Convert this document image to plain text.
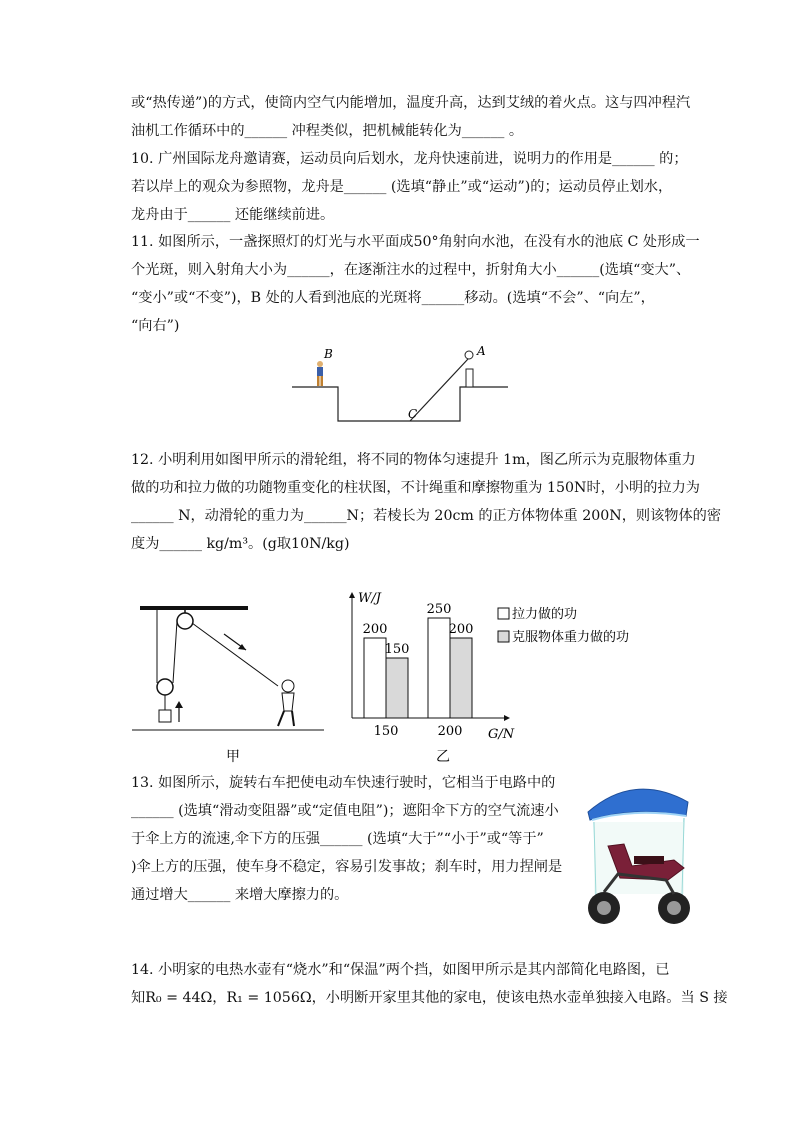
或“热传递”)的方式，使筒内空气内能增加，温度升高，达到艾绒的着火点。这与四冲程汽
油机工作循环中的______ 冲程类似，把机械能转化为______ 。
10. 广州国际龙舟邀请赛，运动员向后划水，龙舟快速前进，说明力的作用是______ 的；
若以岸上的观众为参照物，龙舟是______ (选填“静止”或“运动”)的；运动员停止划水，
龙舟由于______ 还能继续前进。
11. 如图所示，一盏探照灯的灯光与水平面成50°角射向水池，在没有水的池底 C 处形成一
个光斑，则入射角大小为______，在逐渐注水的过程中，折射角大小______(选填“变大”、
“变小”或“不变”)，B 处的人看到池底的光斑将______移动。(选填“不会”、“向左”，
“向右”)
B	A
C
12. 小明利用如图甲所示的滑轮组，将不同的物体匀速提升 1m，图乙所示为克服物体重力
做的功和拉力做的功随物重变化的柱状图，不计绳重和摩擦物重为 150N时，小明的拉力为
______ N，动滑轮的重力为______N；若棱长为 20cm 的正方体物体重 200N，则该物体的密
度为______ kg/m³。(g取10N/kg)
甲
W/J
G/N
200
150
150
250
200
200
拉力做的功
克服物体重力做的功
乙
13. 如图所示，旋转右车把使电动车快速行驶时，它相当于电路中的
______ (选填“滑动变阻器”或“定值电阻”)；遮阳伞下方的空气流速小
于伞上方的流速,伞下方的压强______ (选填“大于”“小于”或“等于”
)伞上方的压强，使车身不稳定，容易引发事故；刹车时，用力捏闸是
通过增大______ 来增大摩擦力的。
14. 小明家的电热水壶有“烧水”和“保温”两个挡，如图甲所示是其内部简化电路图，已
知R₀ = 44Ω，R₁ = 1056Ω，小明断开家里其他的家电，使该电热水壶单独接入电路。当 S 接
